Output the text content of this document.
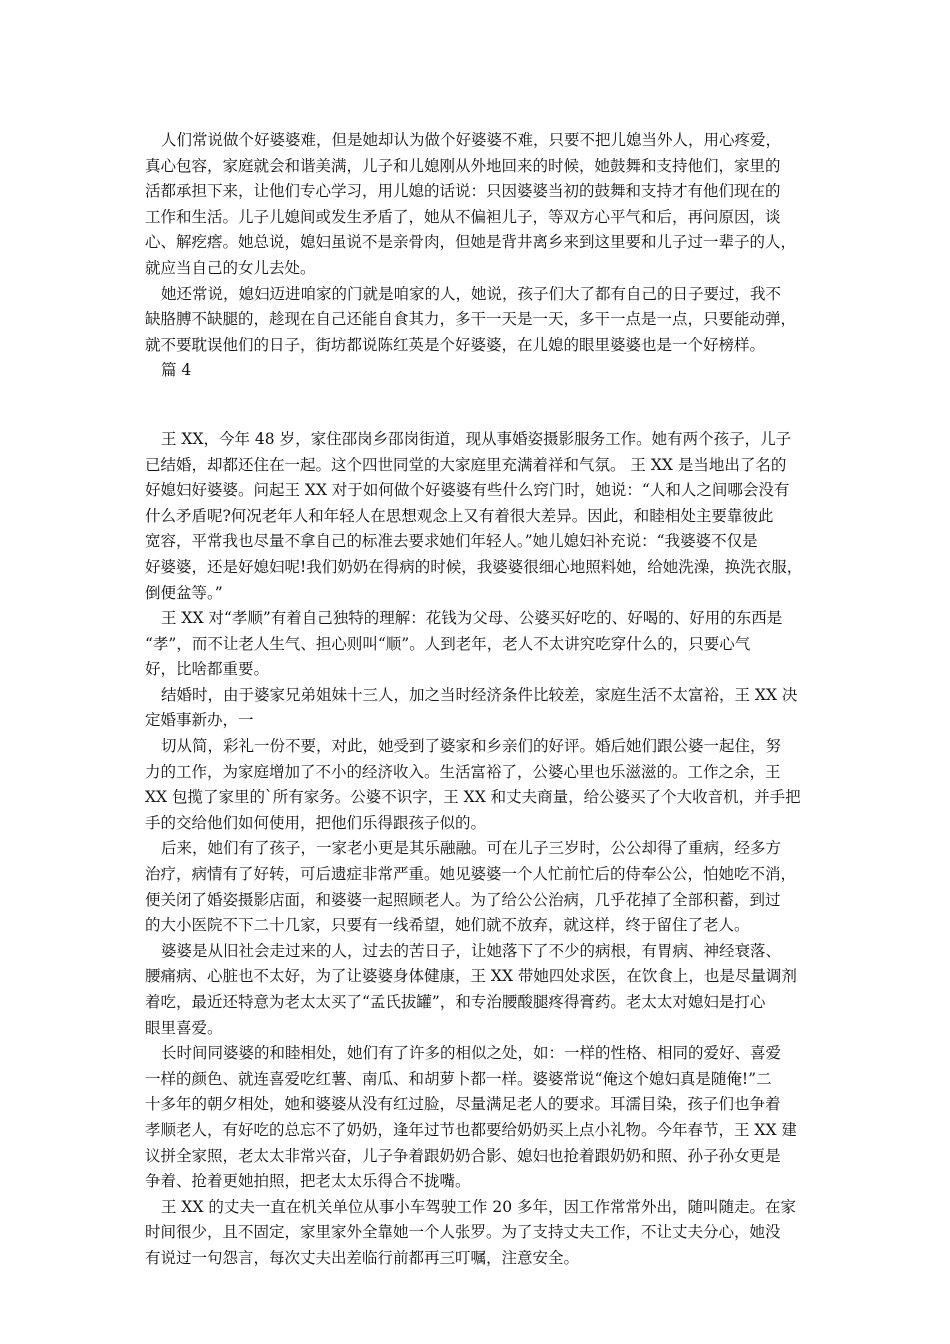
人们常说做个好婆婆难，但是她却认为做个好婆婆不难，只要不把儿媳当外人，用心疼爱，
真心包容，家庭就会和谐美满，儿子和儿媳刚从外地回来的时候，她鼓舞和支持他们，家里的
活都承担下来，让他们专心学习，用儿媳的话说：只因婆婆当初的鼓舞和支持才有他们现在的
工作和生活。儿子儿媳间或发生矛盾了，她从不偏袒儿子，等双方心平气和后，再问原因，谈
心、解疙瘩。她总说，媳妇虽说不是亲骨肉，但她是背井离乡来到这里要和儿子过一辈子的人，
就应当自己的女儿去处。
她还常说，媳妇迈进咱家的门就是咱家的人，她说，孩子们大了都有自己的日子要过，我不
缺胳膊不缺腿的，趁现在自己还能自食其力，多干一天是一天，多干一点是一点，只要能动弹，
就不要耽误他们的日子，街坊都说陈红英是个好婆婆，在儿媳的眼里婆婆也是一个好榜样。
篇 4
王 XX，今年 48 岁，家住邵岗乡邵岗街道，现从事婚姿摄影服务工作。她有两个孩子，儿子
已结婚，却都还住在一起。这个四世同堂的大家庭里充满着祥和气氛。 王 XX 是当地出了名的
好媳妇好婆婆。问起王 XX 对于如何做个好婆婆有些什么窍门时，她说：“人和人之间哪会没有
什么矛盾呢?何况老年人和年轻人在思想观念上又有着很大差异。因此，和睦相处主要靠彼此
宽容，平常我也尽量不拿自己的标准去要求她们年轻人。”她儿媳妇补充说：“我婆婆不仅是
好婆婆，还是好媳妇呢!我们奶奶在得病的时候，我婆婆很细心地照料她，给她洗澡，换洗衣服，
倒便盆等。”
王 XX 对“孝顺”有着自己独特的理解：花钱为父母、公婆买好吃的、好喝的、好用的东西是
“孝”，而不让老人生气、担心则叫“顺”。人到老年，老人不太讲究吃穿什么的，只要心气
好，比啥都重要。
结婚时，由于婆家兄弟姐妹十三人，加之当时经济条件比较差，家庭生活不太富裕，王 XX 决
定婚事新办，一
切从简，彩礼一份不要，对此，她受到了婆家和乡亲们的好评。婚后她们跟公婆一起住，努
力的工作，为家庭增加了不小的经济收入。生活富裕了，公婆心里也乐滋滋的。工作之余，王
XX 包揽了家里的`所有家务。公婆不识字，王 XX 和丈夫商量，给公婆买了个大收音机，并手把
手的交给他们如何使用，把他们乐得跟孩子似的。
后来，她们有了孩子，一家老小更是其乐融融。可在儿子三岁时，公公却得了重病，经多方
治疗，病情有了好转，可后遗症非常严重。她见婆婆一个人忙前忙后的侍奉公公，怕她吃不消，
便关闭了婚姿摄影店面，和婆婆一起照顾老人。为了给公公治病，几乎花掉了全部积蓄，到过
的大小医院不下二十几家，只要有一线希望，她们就不放弃，就这样，终于留住了老人。
婆婆是从旧社会走过来的人，过去的苦日子，让她落下了不少的病根，有胃病、神经衰落、
腰痛病、心脏也不太好，为了让婆婆身体健康，王 XX 带她四处求医，在饮食上，也是尽量调剂
着吃，最近还特意为老太太买了“孟氏拔罐”，和专治腰酸腿疼得膏药。老太太对媳妇是打心
眼里喜爱。
长时间同婆婆的和睦相处，她们有了许多的相似之处，如：一样的性格、相同的爱好、喜爱
一样的颜色、就连喜爱吃红薯、南瓜、和胡萝卜都一样。婆婆常说“俺这个媳妇真是随俺!”二
十多年的朝夕相处，她和婆婆从没有红过脸，尽量满足老人的要求。耳濡目染，孩子们也争着
孝顺老人，有好吃的总忘不了奶奶，逢年过节也都要给奶奶买上点小礼物。今年春节，王 XX 建
议拼全家照，老太太非常兴奋，儿子争着跟奶奶合影、媳妇也抢着跟奶奶和照、孙子孙女更是
争着、抢着更她拍照，把老太太乐得合不拢嘴。
王 XX 的丈夫一直在机关单位从事小车驾驶工作 20 多年，因工作常常外出，随叫随走。在家
时间很少，且不固定，家里家外全靠她一个人张罗。为了支持丈夫工作，不让丈夫分心，她没
有说过一句怨言，每次丈夫出差临行前都再三叮嘱，注意安全。
